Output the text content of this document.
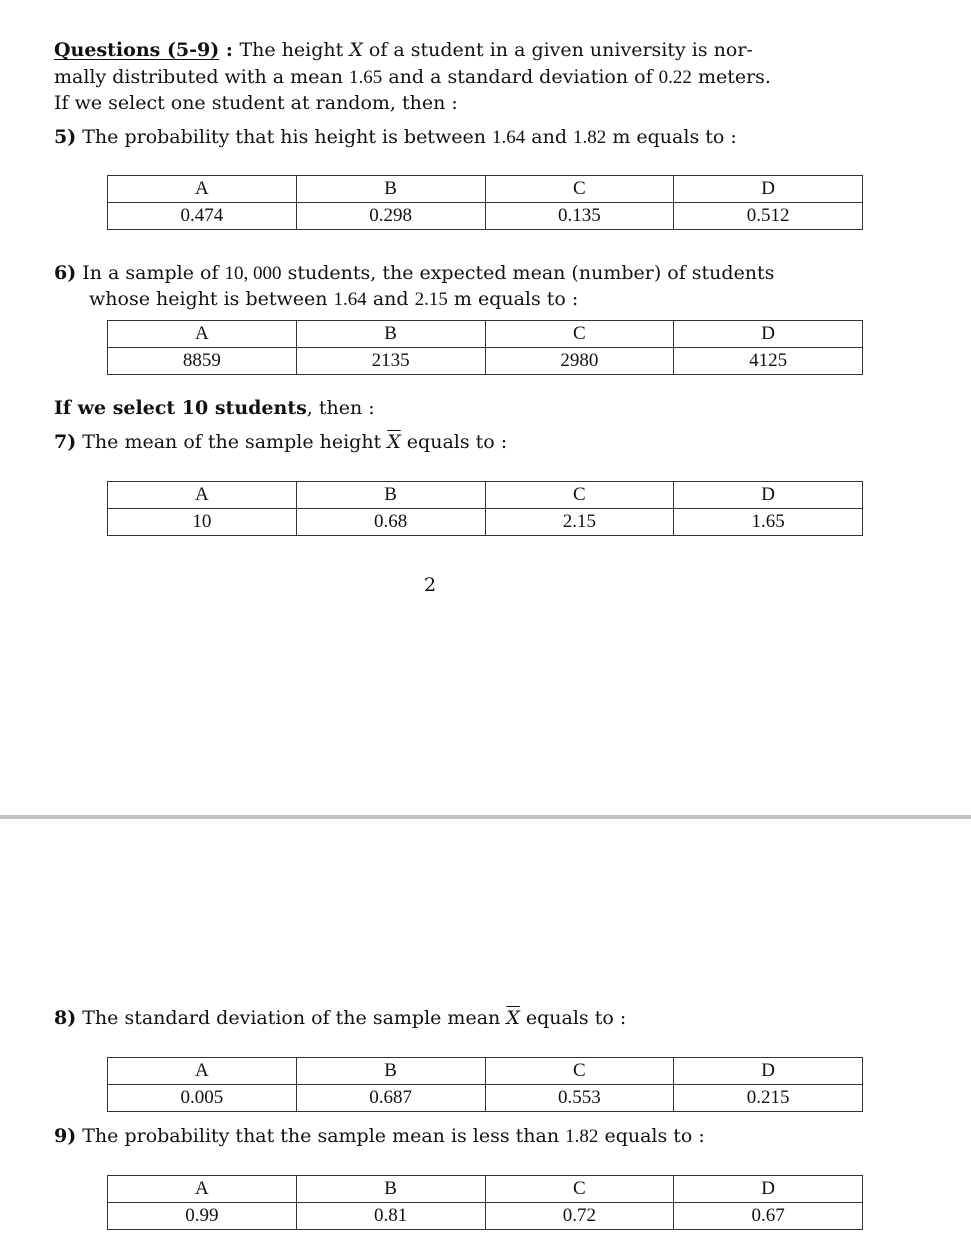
Questions (5-9) : The height X of a student in a given university is nor-
mally distributed with a mean 1.65 and a standard deviation of 0.22 meters.
If we select one student at random, then :
5) The probability that his height is between 1.64 and 1.82 m equals to :
A	B	C	D
0.474	0.298	0.135	0.512
6) In a sample of 10, 000 students, the expected mean (number) of students
whose height is between 1.64 and 2.15 m equals to :
A	B	C	D
8859	2135	2980	4125
If we select 10 students, then :
7) The mean of the sample height $\overline{X}$ equals to :
A	B	C	D
10	0.68	2.15	1.65
2
8) The standard deviation of the sample mean $\overline{X}$ equals to :
A	B	C	D
0.005	0.687	0.553	0.215
9) The probability that the sample mean is less than 1.82 equals to :
A	B	C	D
0.99	0.81	0.72	0.67
